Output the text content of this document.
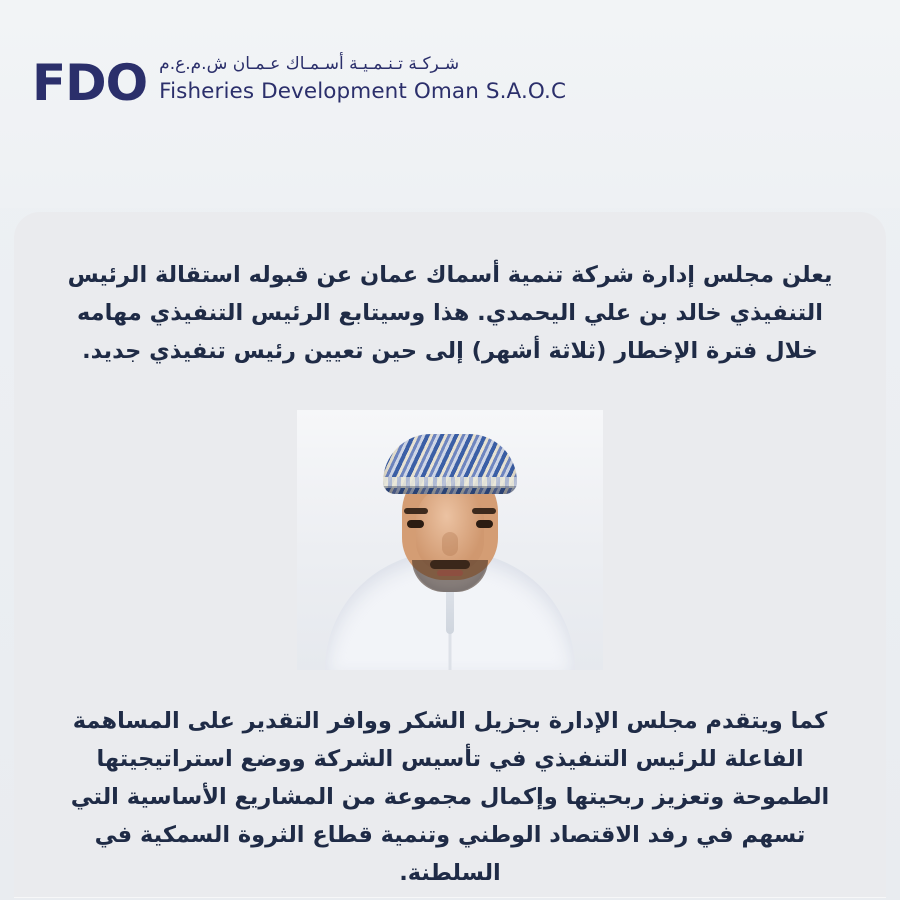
FDO شـركـة تـنـمـيـة أسـمـاك عـمـان ش.م.ع.م
Fisheries Development Oman S.A.O.C
يعلن مجلس إدارة شركة تنمية أسماك عمان عن قبوله استقالة الرئيس التنفيذي خالد بن علي اليحمدي. هذا وسيتابع الرئيس التنفيذي مهامه خلال فترة الإخطار (ثلاثة أشهر) إلى حين تعيين رئيس تنفيذي جديد.
كما ويتقدم مجلس الإدارة بجزيل الشكر ووافر التقدير على المساهمة الفاعلة للرئيس التنفيذي في تأسيس الشركة ووضع استراتيجيتها الطموحة وتعزيز ربحيتها وإكمال مجموعة من المشاريع الأساسية التي تسهم في رفد الاقتصاد الوطني وتنمية قطاع الثروة السمكية في السلطنة.
